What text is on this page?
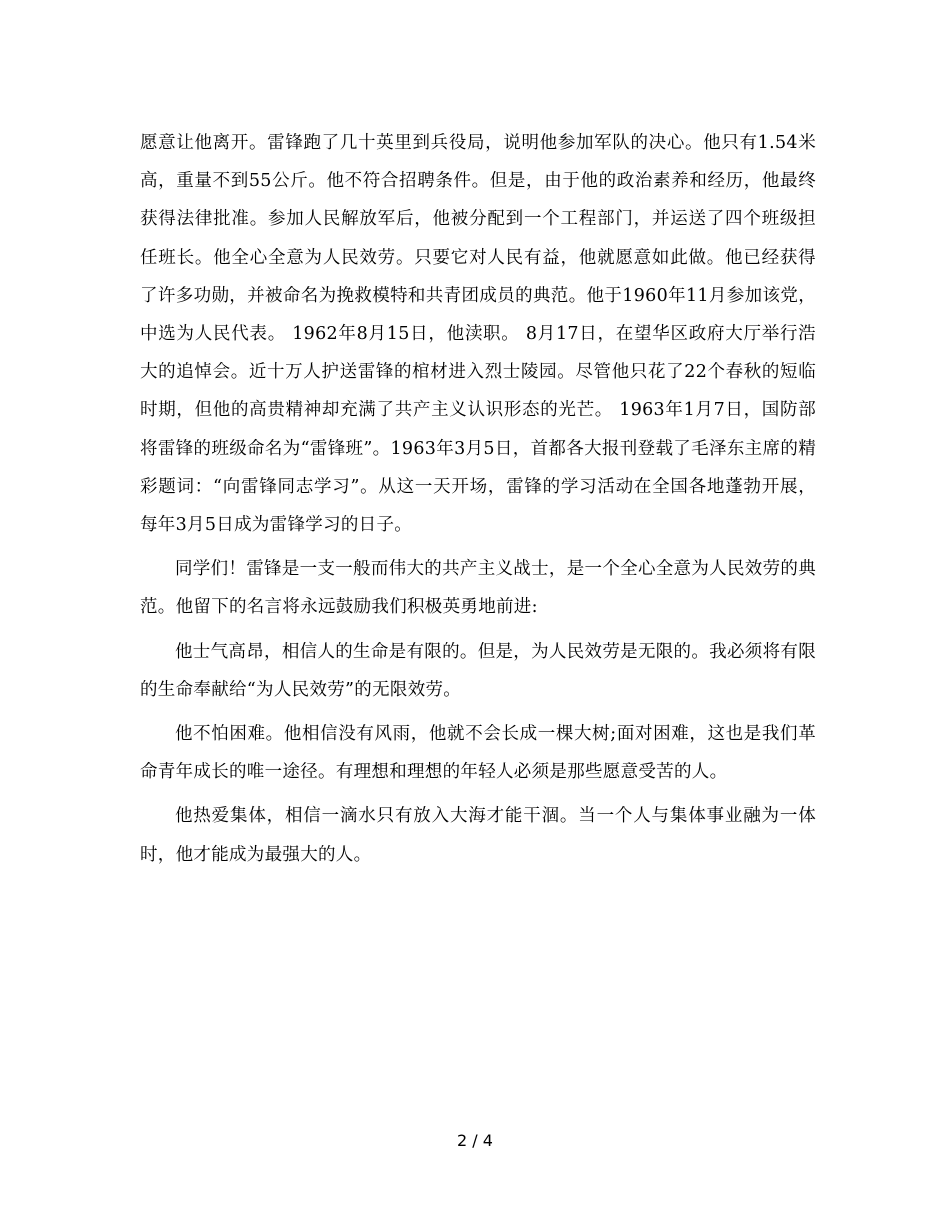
愿意让他离开。雷锋跑了几十英里到兵役局，说明他参加军队的决心。他只有1.54米高，重量不到55公斤。他不符合招聘条件。但是，由于他的政治素养和经历，他最终获得法律批准。参加人民解放军后，他被分配到一个工程部门，并运送了四个班级担任班长。他全心全意为人民效劳。只要它对人民有益，他就愿意如此做。他已经获得了许多功勋，并被命名为挽救模特和共青团成员的典范。他于1960年11月参加该党，中选为人民代表。 1962年8月15日，他渎职。 8月17日，在望华区政府大厅举行浩大的追悼会。近十万人护送雷锋的棺材进入烈士陵园。尽管他只花了22个春秋的短临时期，但他的高贵精神却充满了共产主义认识形态的光芒。 1963年1月7日，国防部将雷锋的班级命名为“雷锋班”。1963年3月5日，首都各大报刊登载了毛泽东主席的精彩题词：“向雷锋同志学习”。从这一天开场，雷锋的学习活动在全国各地蓬勃开展，每年3月5日成为雷锋学习的日子。

同学们！雷锋是一支一般而伟大的共产主义战士，是一个全心全意为人民效劳的典范。他留下的名言将永远鼓励我们积极英勇地前进:

他士气高昂，相信人的生命是有限的。但是，为人民效劳是无限的。我必须将有限的生命奉献给“为人民效劳”的无限效劳。

他不怕困难。他相信没有风雨，他就不会长成一棵大树;面对困难，这也是我们革命青年成长的唯一途径。有理想和理想的年轻人必须是那些愿意受苦的人。

他热爱集体，相信一滴水只有放入大海才能干涸。当一个人与集体事业融为一体时，他才能成为最强大的人。

2 / 4
